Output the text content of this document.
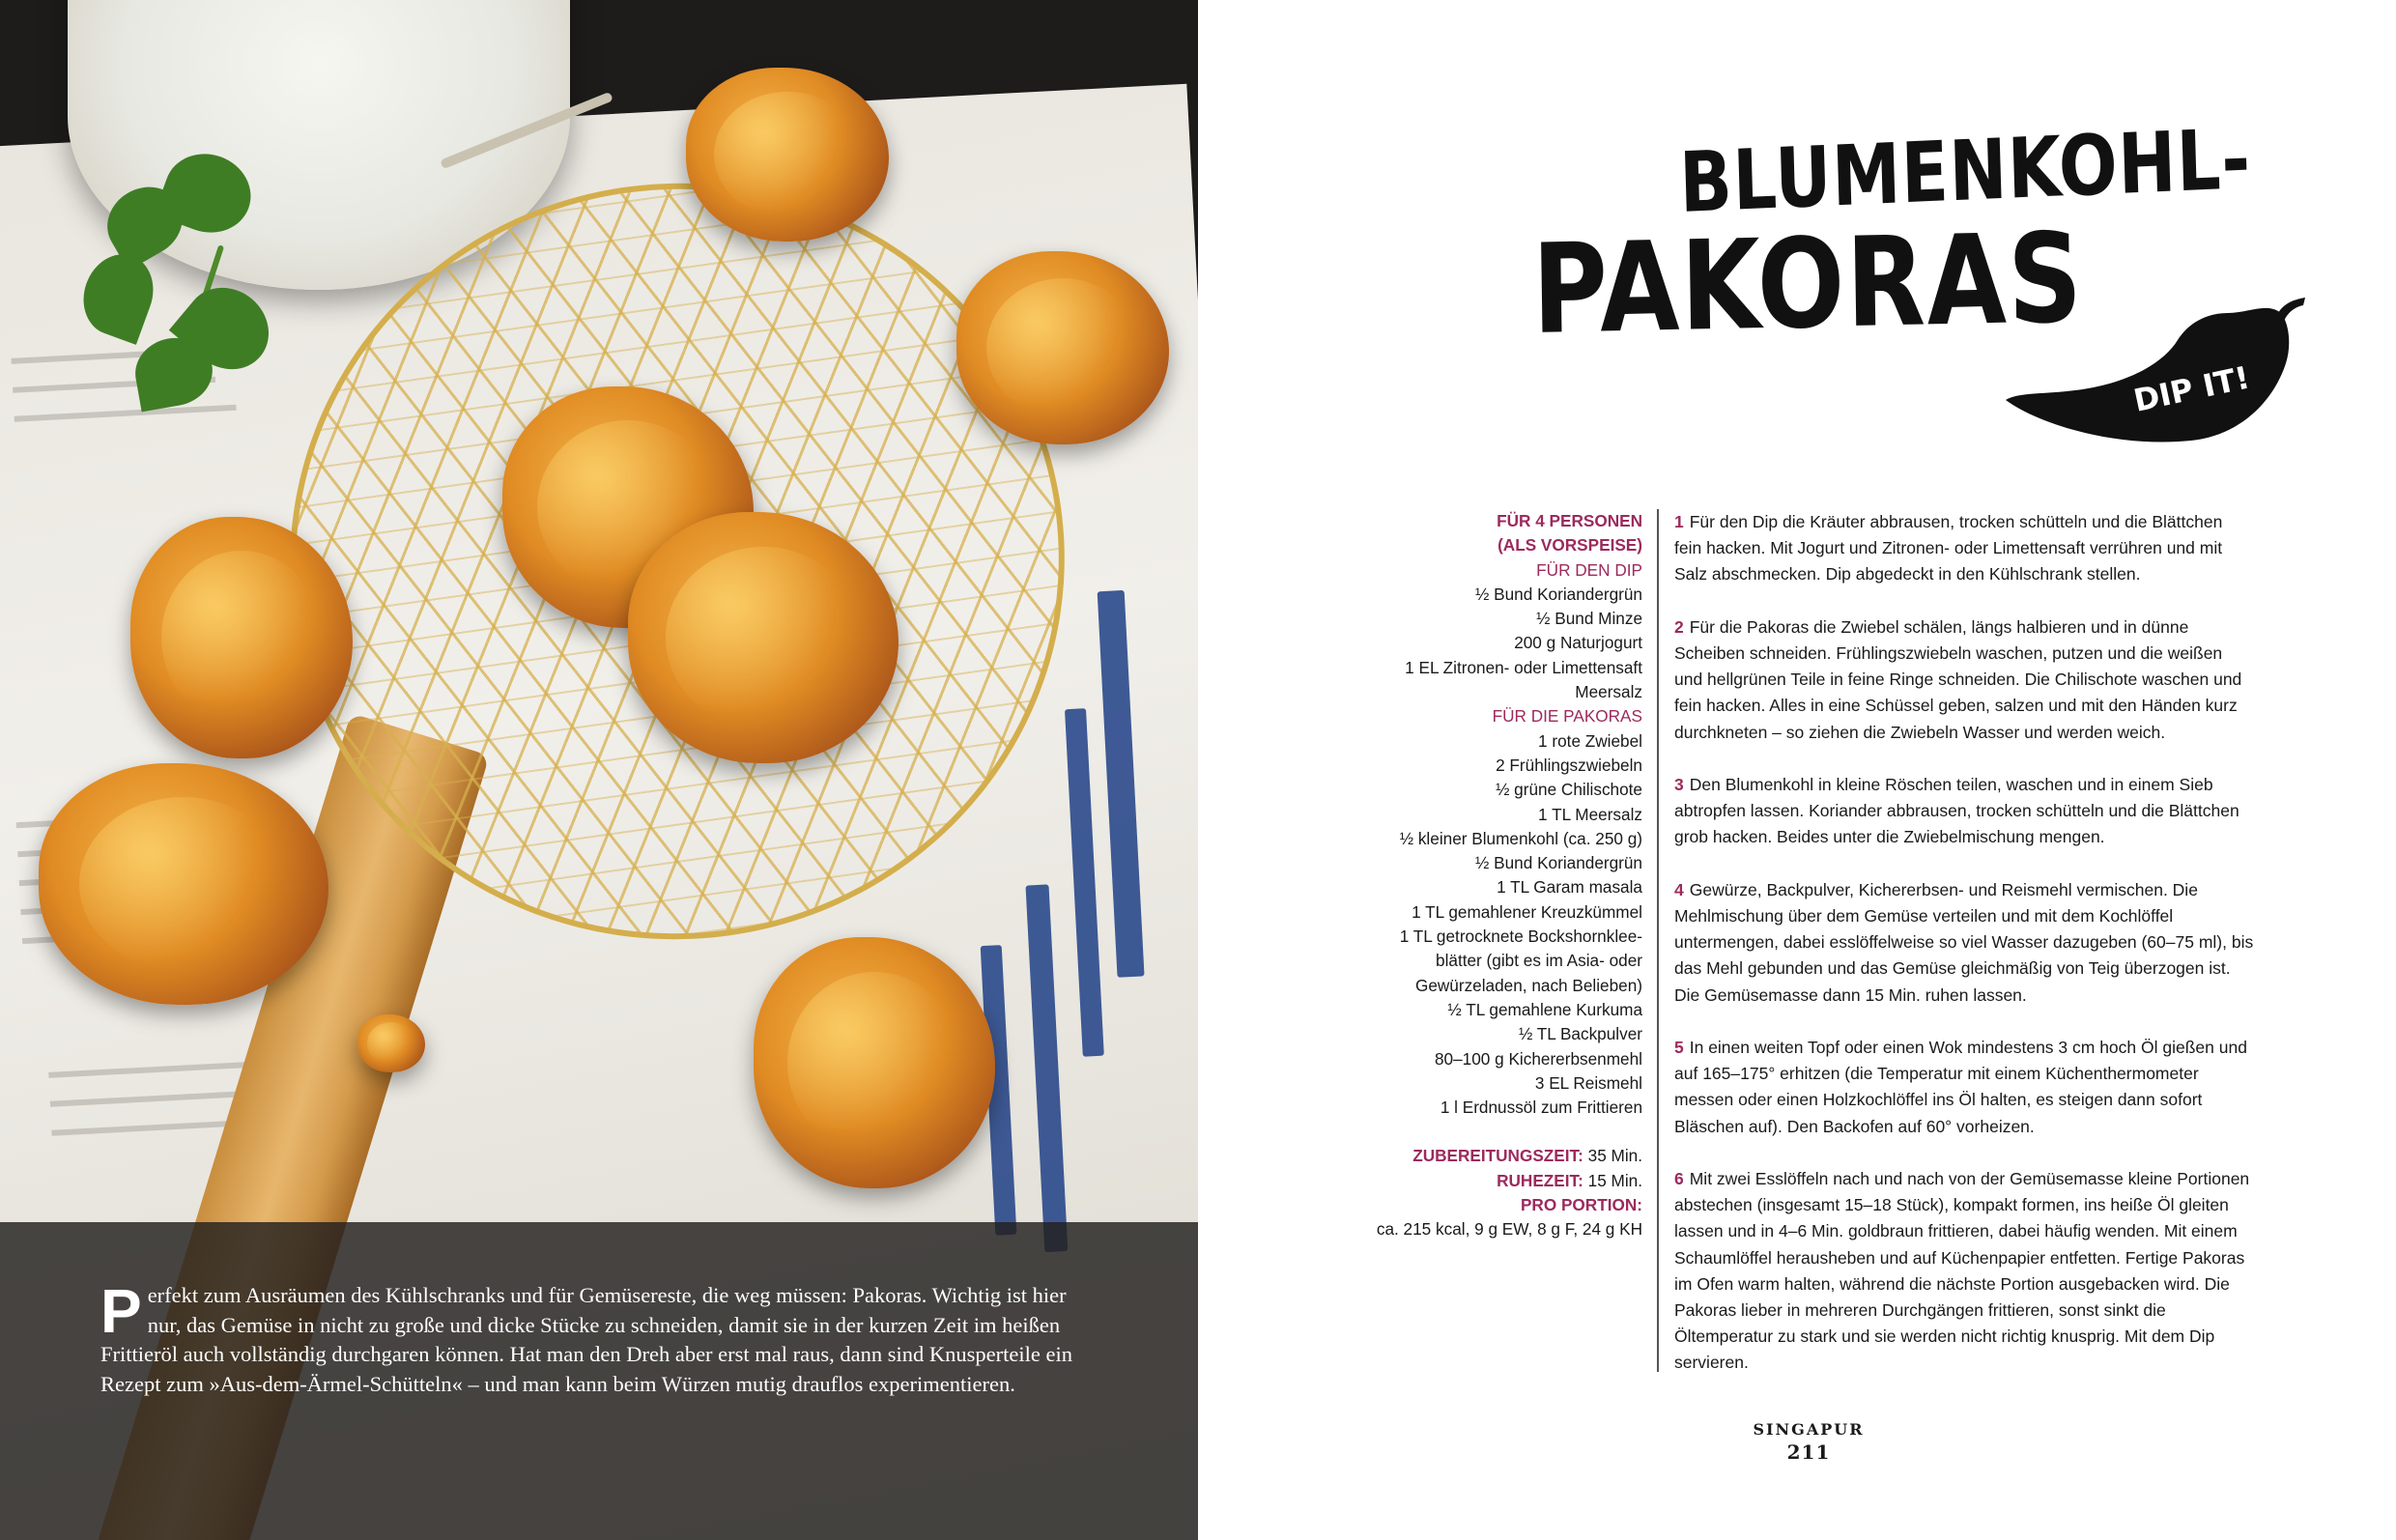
Perfekt zum Ausräumen des Kühlschranks und für Gemüsereste, die weg müssen: Pakoras. Wichtig ist hier nur, das Gemüse in nicht zu große und dicke Stücke zu schneiden, damit sie in der kurzen Zeit im heißen Frittieröl auch vollständig durchgaren können. Hat man den Dreh aber erst mal raus, dann sind Knusperteile ein Rezept zum »Aus-dem-Ärmel-Schütteln« – und man kann beim Würzen mutig drauflos experimentieren.

BLUMENKOHL-
PAKORAS
DIP IT!
FÜR 4 PERSONEN
(ALS VORSPEISE)
FÜR DEN DIP
½ Bund Koriandergrün
½ Bund Minze
200 g Naturjogurt
1 EL Zitronen- oder Limettensaft
Meersalz
FÜR DIE PAKORAS
1 rote Zwiebel
2 Frühlingszwiebeln
½ grüne Chilischote
1 TL Meersalz
½ kleiner Blumenkohl (ca. 250 g)
½ Bund Koriandergrün
1 TL Garam masala
1 TL gemahlener Kreuzkümmel
1 TL getrocknete Bockshornklee-
blätter (gibt es im Asia- oder
Gewürzeladen, nach Belieben)
½ TL gemahlene Kurkuma
½ TL Backpulver
80–100 g Kichererbsenmehl
3 EL Reismehl
1 l Erdnussöl zum Frittieren
ZUBEREITUNGSZEIT: 35 Min.
RUHEZEIT: 15 Min.
PRO PORTION:
ca. 215 kcal, 9 g EW, 8 g F, 24 g KH

1 Für den Dip die Kräuter abbrausen, trocken schütteln und die Blättchen fein hacken. Mit Jogurt und Zitronen- oder Limettensaft verrühren und mit Salz abschmecken. Dip abgedeckt in den Kühlschrank stellen.

2 Für die Pakoras die Zwiebel schälen, längs halbieren und in dünne Scheiben schneiden. Frühlingszwiebeln waschen, putzen und die weißen und hellgrünen Teile in feine Ringe schneiden. Die Chilischote waschen und fein hacken. Alles in eine Schüssel geben, salzen und mit den Händen kurz durchkneten – so ziehen die Zwiebeln Wasser und werden weich.

3 Den Blumenkohl in kleine Röschen teilen, waschen und in einem Sieb abtropfen lassen. Koriander abbrausen, trocken schütteln und die Blättchen grob hacken. Beides unter die Zwiebelmischung mengen.

4 Gewürze, Backpulver, Kichererbsen- und Reismehl vermischen. Die Mehlmischung über dem Gemüse verteilen und mit dem Kochlöffel untermengen, dabei esslöffelweise so viel Wasser dazugeben (60–75 ml), bis das Mehl gebunden und das Gemüse gleichmäßig von Teig überzogen ist. Die Gemüsemasse dann 15 Min. ruhen lassen.

5 In einen weiten Topf oder einen Wok mindestens 3 cm hoch Öl gießen und auf 165–175° erhitzen (die Temperatur mit einem Küchenthermometer messen oder einen Holzkochlöffel ins Öl halten, es steigen dann sofort Bläschen auf). Den Backofen auf 60° vorheizen.

6 Mit zwei Esslöffeln nach und nach von der Gemüsemasse kleine Portionen abstechen (insgesamt 15–18 Stück), kompakt formen, ins heiße Öl gleiten lassen und in 4–6 Min. goldbraun frittieren, dabei häufig wenden. Mit einem Schaumlöffel herausheben und auf Küchenpapier entfetten. Fertige Pakoras im Ofen warm halten, während die nächste Portion ausgebacken wird. Die Pakoras lieber in mehreren Durchgängen frittieren, sonst sinkt die Öltemperatur zu stark und sie werden nicht richtig knusprig. Mit dem Dip servieren.

SINGAPUR
211
